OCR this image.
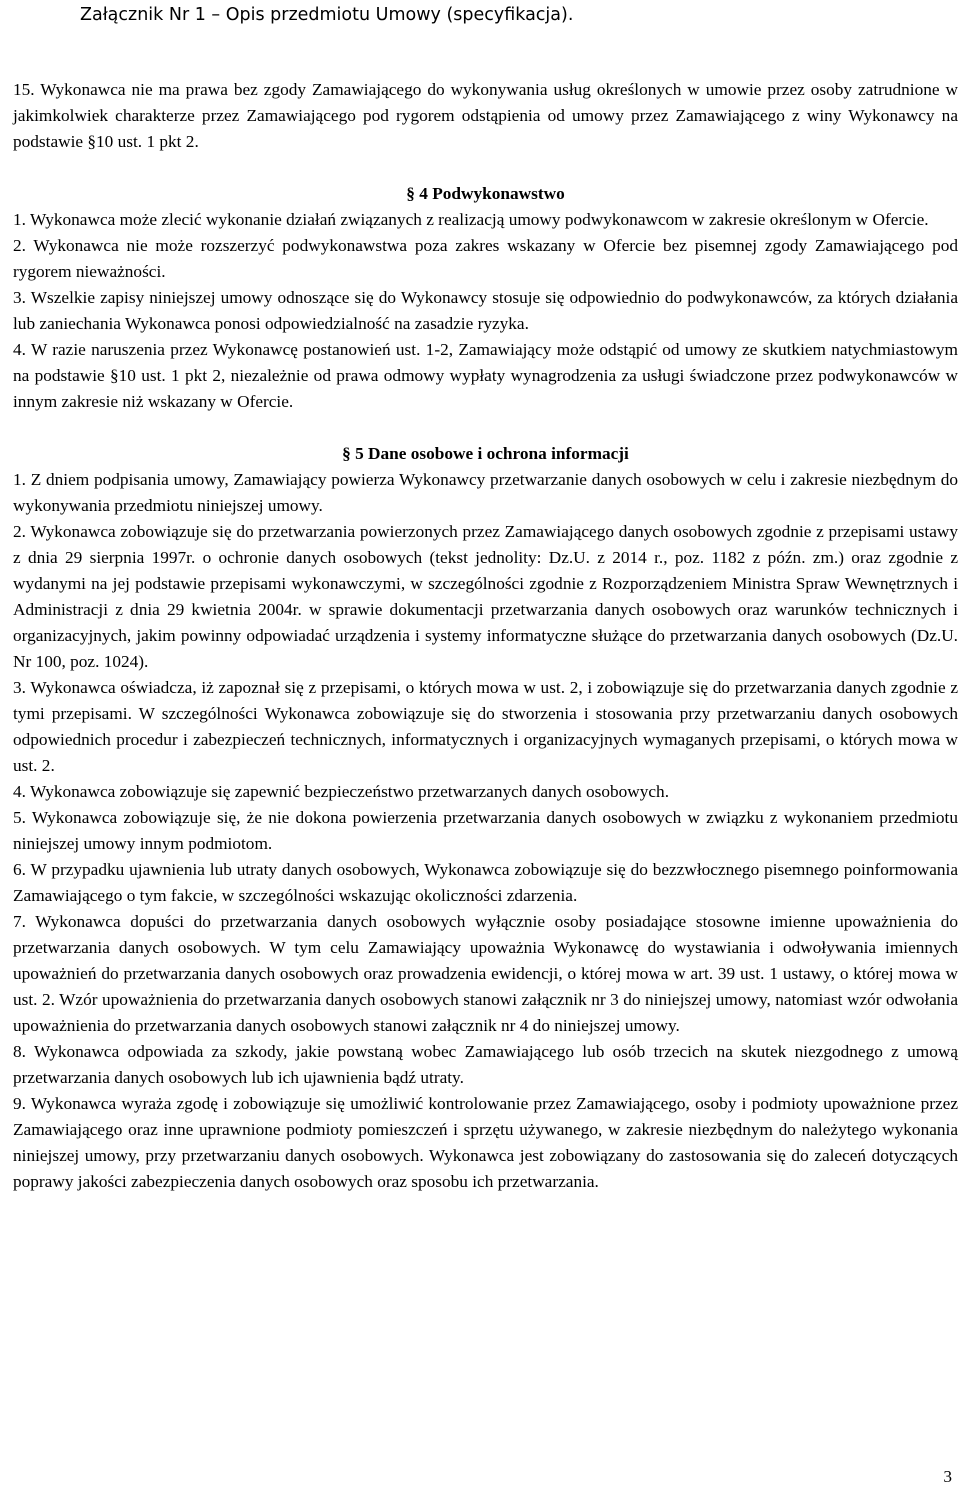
Załącznik Nr 1 – Opis przedmiotu Umowy (specyfikacja).

15. Wykonawca nie ma prawa bez zgody Zamawiającego do wykonywania usług określonych w umowie przez osoby zatrudnione w jakimkolwiek charakterze przez Zamawiającego pod rygorem odstąpienia od umowy przez Zamawiającego z winy Wykonawcy na podstawie §10 ust. 1 pkt 2.

§ 4 Podwykonawstwo

1. Wykonawca może zlecić wykonanie działań związanych z realizacją umowy podwykonawcom w zakresie określonym w Ofercie.

2. Wykonawca nie może rozszerzyć podwykonawstwa poza zakres wskazany w Ofercie bez pisemnej zgody Zamawiającego pod rygorem nieważności.

3. Wszelkie zapisy niniejszej umowy odnoszące się do Wykonawcy stosuje się odpowiednio do podwykonawców, za których działania lub zaniechania Wykonawca ponosi odpowiedzialność na zasadzie ryzyka.

4. W razie naruszenia przez Wykonawcę postanowień ust. 1-2, Zamawiający może odstąpić od umowy ze skutkiem natychmiastowym na podstawie §10 ust. 1 pkt 2, niezależnie od prawa odmowy wypłaty wynagrodzenia za usługi świadczone przez podwykonawców w innym zakresie niż wskazany w Ofercie.

§ 5 Dane osobowe i ochrona informacji

1. Z dniem podpisania umowy, Zamawiający powierza Wykonawcy przetwarzanie danych osobowych w celu i zakresie niezbędnym do wykonywania przedmiotu niniejszej umowy.

2. Wykonawca zobowiązuje się do przetwarzania powierzonych przez Zamawiającego danych osobowych zgodnie z przepisami ustawy z dnia 29 sierpnia 1997r. o ochronie danych osobowych (tekst jednolity: Dz.U. z 2014 r., poz. 1182 z późn. zm.) oraz zgodnie z wydanymi na jej podstawie przepisami wykonawczymi, w szczególności zgodnie z Rozporządzeniem Ministra Spraw Wewnętrznych i Administracji z dnia 29 kwietnia 2004r. w sprawie dokumentacji przetwarzania danych osobowych oraz warunków technicznych i organizacyjnych, jakim powinny odpowiadać urządzenia i systemy informatyczne służące do przetwarzania danych osobowych (Dz.U. Nr 100, poz. 1024).

3. Wykonawca oświadcza, iż zapoznał się z przepisami, o których mowa w ust. 2, i zobowiązuje się do przetwarzania danych zgodnie z tymi przepisami. W szczególności Wykonawca zobowiązuje się do stworzenia i stosowania przy przetwarzaniu danych osobowych odpowiednich procedur i zabezpieczeń technicznych, informatycznych i organizacyjnych wymaganych przepisami, o których mowa w ust. 2.

4. Wykonawca zobowiązuje się zapewnić bezpieczeństwo przetwarzanych danych osobowych.

5. Wykonawca zobowiązuje się, że nie dokona powierzenia przetwarzania danych osobowych w związku z wykonaniem przedmiotu niniejszej umowy innym podmiotom.

6. W przypadku ujawnienia lub utraty danych osobowych, Wykonawca zobowiązuje się do bezzwłocznego pisemnego poinformowania Zamawiającego o tym fakcie, w szczególności wskazując okoliczności zdarzenia.

7. Wykonawca dopuści do przetwarzania danych osobowych wyłącznie osoby posiadające stosowne imienne upoważnienia do przetwarzania danych osobowych. W tym celu Zamawiający upoważnia Wykonawcę do wystawiania i odwoływania imiennych upoważnień do przetwarzania danych osobowych oraz prowadzenia ewidencji, o której mowa w art. 39 ust. 1 ustawy, o której mowa w ust. 2. Wzór upoważnienia do przetwarzania danych osobowych stanowi załącznik nr 3 do niniejszej umowy, natomiast wzór odwołania upoważnienia do przetwarzania danych osobowych stanowi załącznik nr 4 do niniejszej umowy.

8. Wykonawca odpowiada za szkody, jakie powstaną wobec Zamawiającego lub osób trzecich na skutek niezgodnego z umową przetwarzania danych osobowych lub ich ujawnienia bądź utraty.

9. Wykonawca wyraża zgodę i zobowiązuje się umożliwić kontrolowanie przez Zamawiającego, osoby i podmioty upoważnione przez Zamawiającego oraz inne uprawnione podmioty pomieszczeń i sprzętu używanego, w zakresie niezbędnym do należytego wykonania niniejszej umowy, przy przetwarzaniu danych osobowych. Wykonawca jest zobowiązany do zastosowania się do zaleceń dotyczących poprawy jakości zabezpieczenia danych osobowych oraz sposobu ich przetwarzania.

3
